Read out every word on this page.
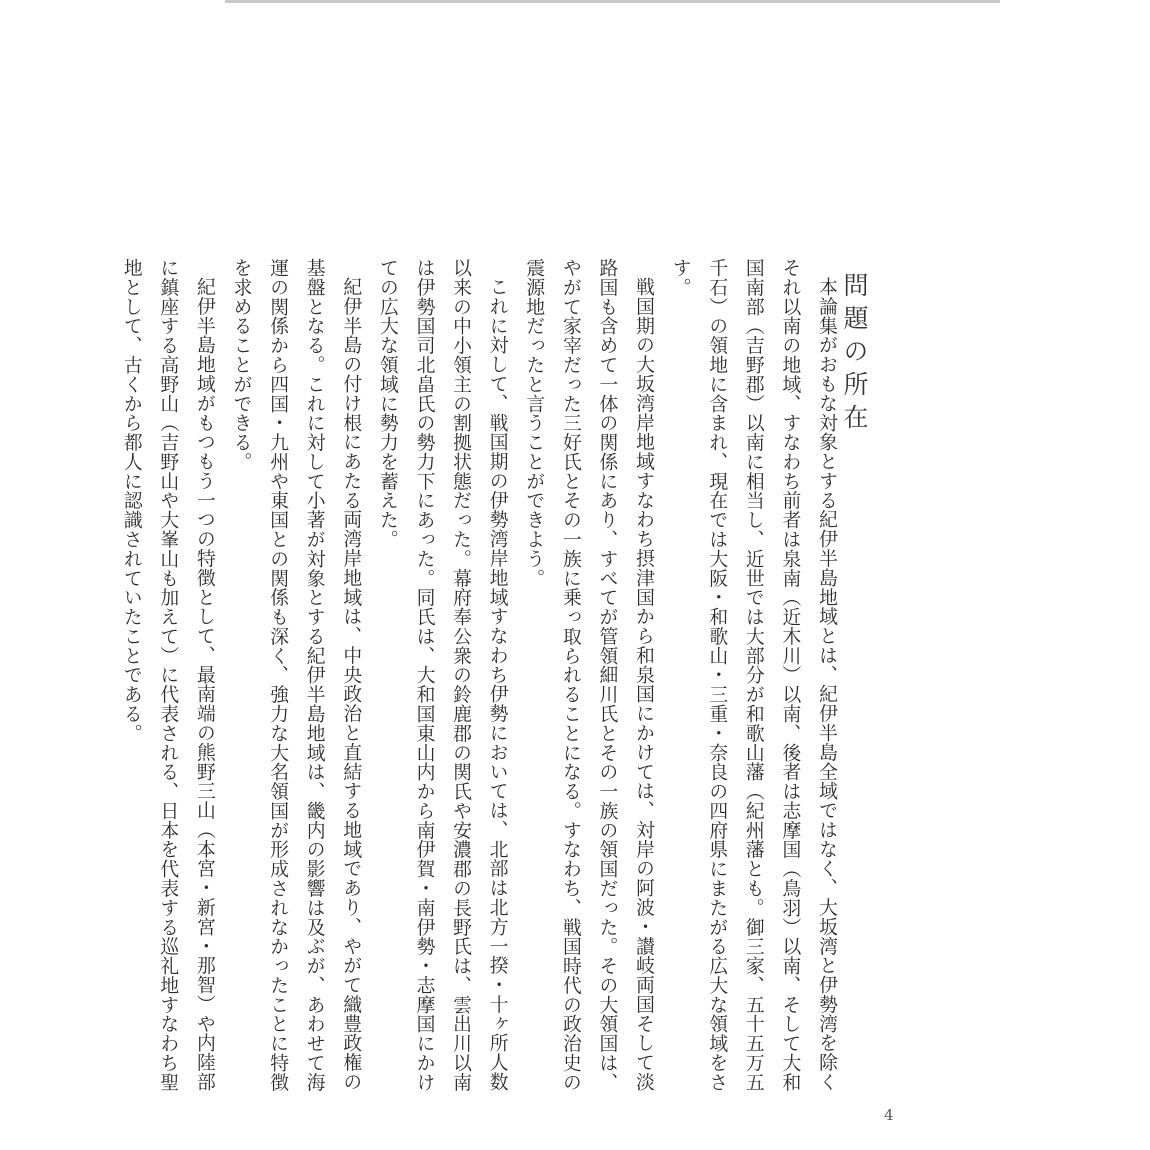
問題の所在

本論集がおもな対象とする紀伊半島地域とは、紀伊半島全域ではなく、大坂湾と伊勢湾を除くそれ以南の地域、すなわち前者は泉南（近木川）以南、後者は志摩国（鳥羽）以南、そして大和国南部（吉野郡）以南に相当し、近世では大部分が和歌山藩（紀州藩とも。御三家、五十五万五千石）の領地に含まれ、現在では大阪・和歌山・三重・奈良の四府県にまたがる広大な領域をさす。

戦国期の大坂湾岸地域すなわち摂津国から和泉国にかけては、対岸の阿波・讃岐両国そして淡路国も含めて一体の関係にあり、すべてが管領細川氏とその一族の領国だった。その大領国は、やがて家宰だった三好氏とその一族に乗っ取られることになる。すなわち、戦国時代の政治史の震源地だったと言うことができよう。

これに対して、戦国期の伊勢湾岸地域すなわち伊勢においては、北部は北方一揆・十ヶ所人数以来の中小領主の割拠状態だった。幕府奉公衆の鈴鹿郡の関氏や安濃郡の長野氏は、雲出川以南は伊勢国司北畠氏の勢力下にあった。同氏は、大和国東山内から南伊賀・南伊勢・志摩国にかけての広大な領域に勢力を蓄えた。

紀伊半島の付け根にあたる両湾岸地域は、中央政治と直結する地域であり、やがて織豊政権の基盤となる。これに対して小著が対象とする紀伊半島地域は、畿内の影響は及ぶが、あわせて海運の関係から四国・九州や東国との関係も深く、強力な大名領国が形成されなかったことに特徴を求めることができる。

紀伊半島地域がもつもう一つの特徴として、最南端の熊野三山（本宮・新宮・那智）や内陸部に鎮座する高野山（吉野山や大峯山も加えて）に代表される、日本を代表する巡礼地すなわち聖地として、古くから都人に認識されていたことである。

4
